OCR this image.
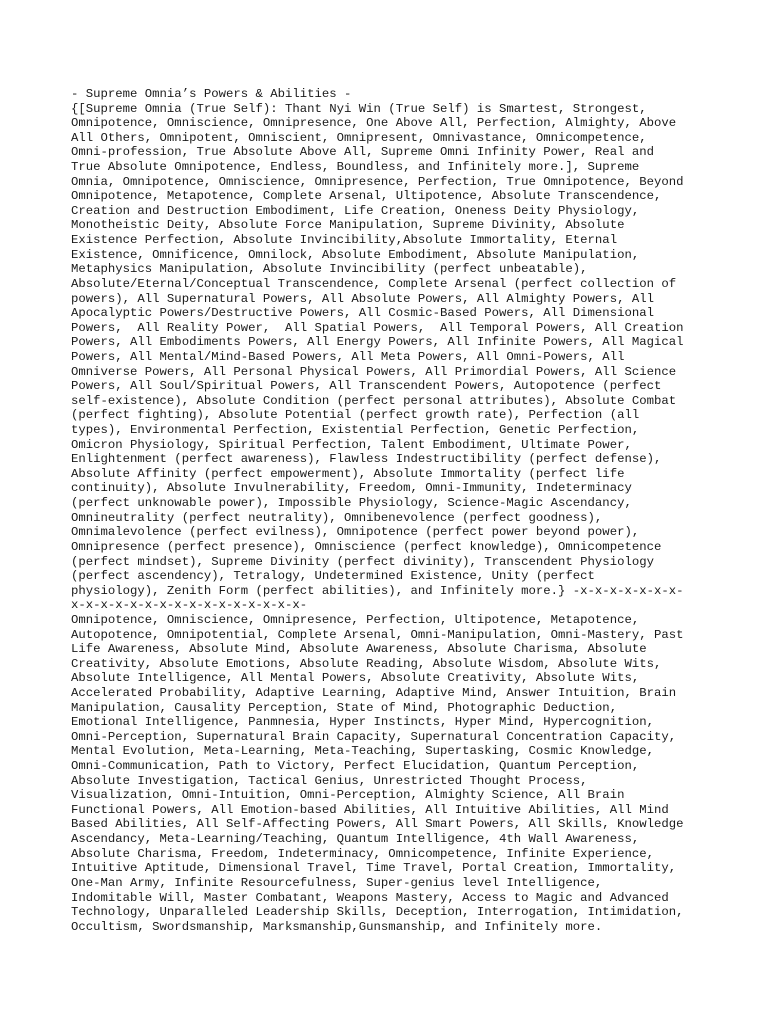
- Supreme Omnia’s Powers & Abilities -
{[Supreme Omnia (True Self): Thant Nyi Win (True Self) is Smartest, Strongest,
Omnipotence, Omniscience, Omnipresence, One Above All, Perfection, Almighty, Above
All Others, Omnipotent, Omniscient, Omnipresent, Omnivastance, Omnicompetence,
Omni-profession, True Absolute Above All, Supreme Omni Infinity Power, Real and
True Absolute Omnipotence, Endless, Boundless, and Infinitely more.], Supreme
Omnia, Omnipotence, Omniscience, Omnipresence, Perfection, True Omnipotence, Beyond
Omnipotence, Metapotence, Complete Arsenal, Ultipotence, Absolute Transcendence,
Creation and Destruction Embodiment, Life Creation, Oneness Deity Physiology,
Monotheistic Deity, Absolute Force Manipulation, Supreme Divinity, Absolute
Existence Perfection, Absolute Invincibility,Absolute Immortality, Eternal
Existence, Omnificence, Omnilock, Absolute Embodiment, Absolute Manipulation,
Metaphysics Manipulation, Absolute Invincibility (perfect unbeatable),
Absolute/Eternal/Conceptual Transcendence, Complete Arsenal (perfect collection of
powers), All Supernatural Powers, All Absolute Powers, All Almighty Powers, All
Apocalyptic Powers/Destructive Powers, All Cosmic-Based Powers, All Dimensional
Powers,  All Reality Power,  All Spatial Powers,  All Temporal Powers, All Creation
Powers, All Embodiments Powers, All Energy Powers, All Infinite Powers, All Magical
Powers, All Mental/Mind-Based Powers, All Meta Powers, All Omni-Powers, All
Omniverse Powers, All Personal Physical Powers, All Primordial Powers, All Science
Powers, All Soul/Spiritual Powers, All Transcendent Powers, Autopotence (perfect
self-existence), Absolute Condition (perfect personal attributes), Absolute Combat
(perfect fighting), Absolute Potential (perfect growth rate), Perfection (all
types), Environmental Perfection, Existential Perfection, Genetic Perfection,
Omicron Physiology, Spiritual Perfection, Talent Embodiment, Ultimate Power,
Enlightenment (perfect awareness), Flawless Indestructibility (perfect defense),
Absolute Affinity (perfect empowerment), Absolute Immortality (perfect life
continuity), Absolute Invulnerability, Freedom, Omni-Immunity, Indeterminacy
(perfect unknowable power), Impossible Physiology, Science-Magic Ascendancy,
Omnineutrality (perfect neutrality), Omnibenevolence (perfect goodness),
Omnimalevolence (perfect evilness), Omnipotence (perfect power beyond power),
Omnipresence (perfect presence), Omniscience (perfect knowledge), Omnicompetence
(perfect mindset), Supreme Divinity (perfect divinity), Transcendent Physiology
(perfect ascendency), Tetralogy, Undetermined Existence, Unity (perfect
physiology), Zenith Form (perfect abilities), and Infinitely more.} -x-x-x-x-x-x-x-
x-x-x-x-x-x-x-x-x-x-x-x-x-x-x-x-
Omnipotence, Omniscience, Omnipresence, Perfection, Ultipotence, Metapotence,
Autopotence, Omnipotential, Complete Arsenal, Omni-Manipulation, Omni-Mastery, Past
Life Awareness, Absolute Mind, Absolute Awareness, Absolute Charisma, Absolute
Creativity, Absolute Emotions, Absolute Reading, Absolute Wisdom, Absolute Wits,
Absolute Intelligence, All Mental Powers, Absolute Creativity, Absolute Wits,
Accelerated Probability, Adaptive Learning, Adaptive Mind, Answer Intuition, Brain
Manipulation, Causality Perception, State of Mind, Photographic Deduction,
Emotional Intelligence, Panmnesia, Hyper Instincts, Hyper Mind, Hypercognition,
Omni-Perception, Supernatural Brain Capacity, Supernatural Concentration Capacity,
Mental Evolution, Meta-Learning, Meta-Teaching, Supertasking, Cosmic Knowledge,
Omni-Communication, Path to Victory, Perfect Elucidation, Quantum Perception,
Absolute Investigation, Tactical Genius, Unrestricted Thought Process,
Visualization, Omni-Intuition, Omni-Perception, Almighty Science, All Brain
Functional Powers, All Emotion-based Abilities, All Intuitive Abilities, All Mind
Based Abilities, All Self-Affecting Powers, All Smart Powers, All Skills, Knowledge
Ascendancy, Meta-Learning/Teaching, Quantum Intelligence, 4th Wall Awareness,
Absolute Charisma, Freedom, Indeterminacy, Omnicompetence, Infinite Experience,
Intuitive Aptitude, Dimensional Travel, Time Travel, Portal Creation, Immortality,
One-Man Army, Infinite Resourcefulness, Super-genius level Intelligence,
Indomitable Will, Master Combatant, Weapons Mastery, Access to Magic and Advanced
Technology, Unparalleled Leadership Skills, Deception, Interrogation, Intimidation,
Occultism, Swordsmanship, Marksmanship,Gunsmanship, and Infinitely more.
